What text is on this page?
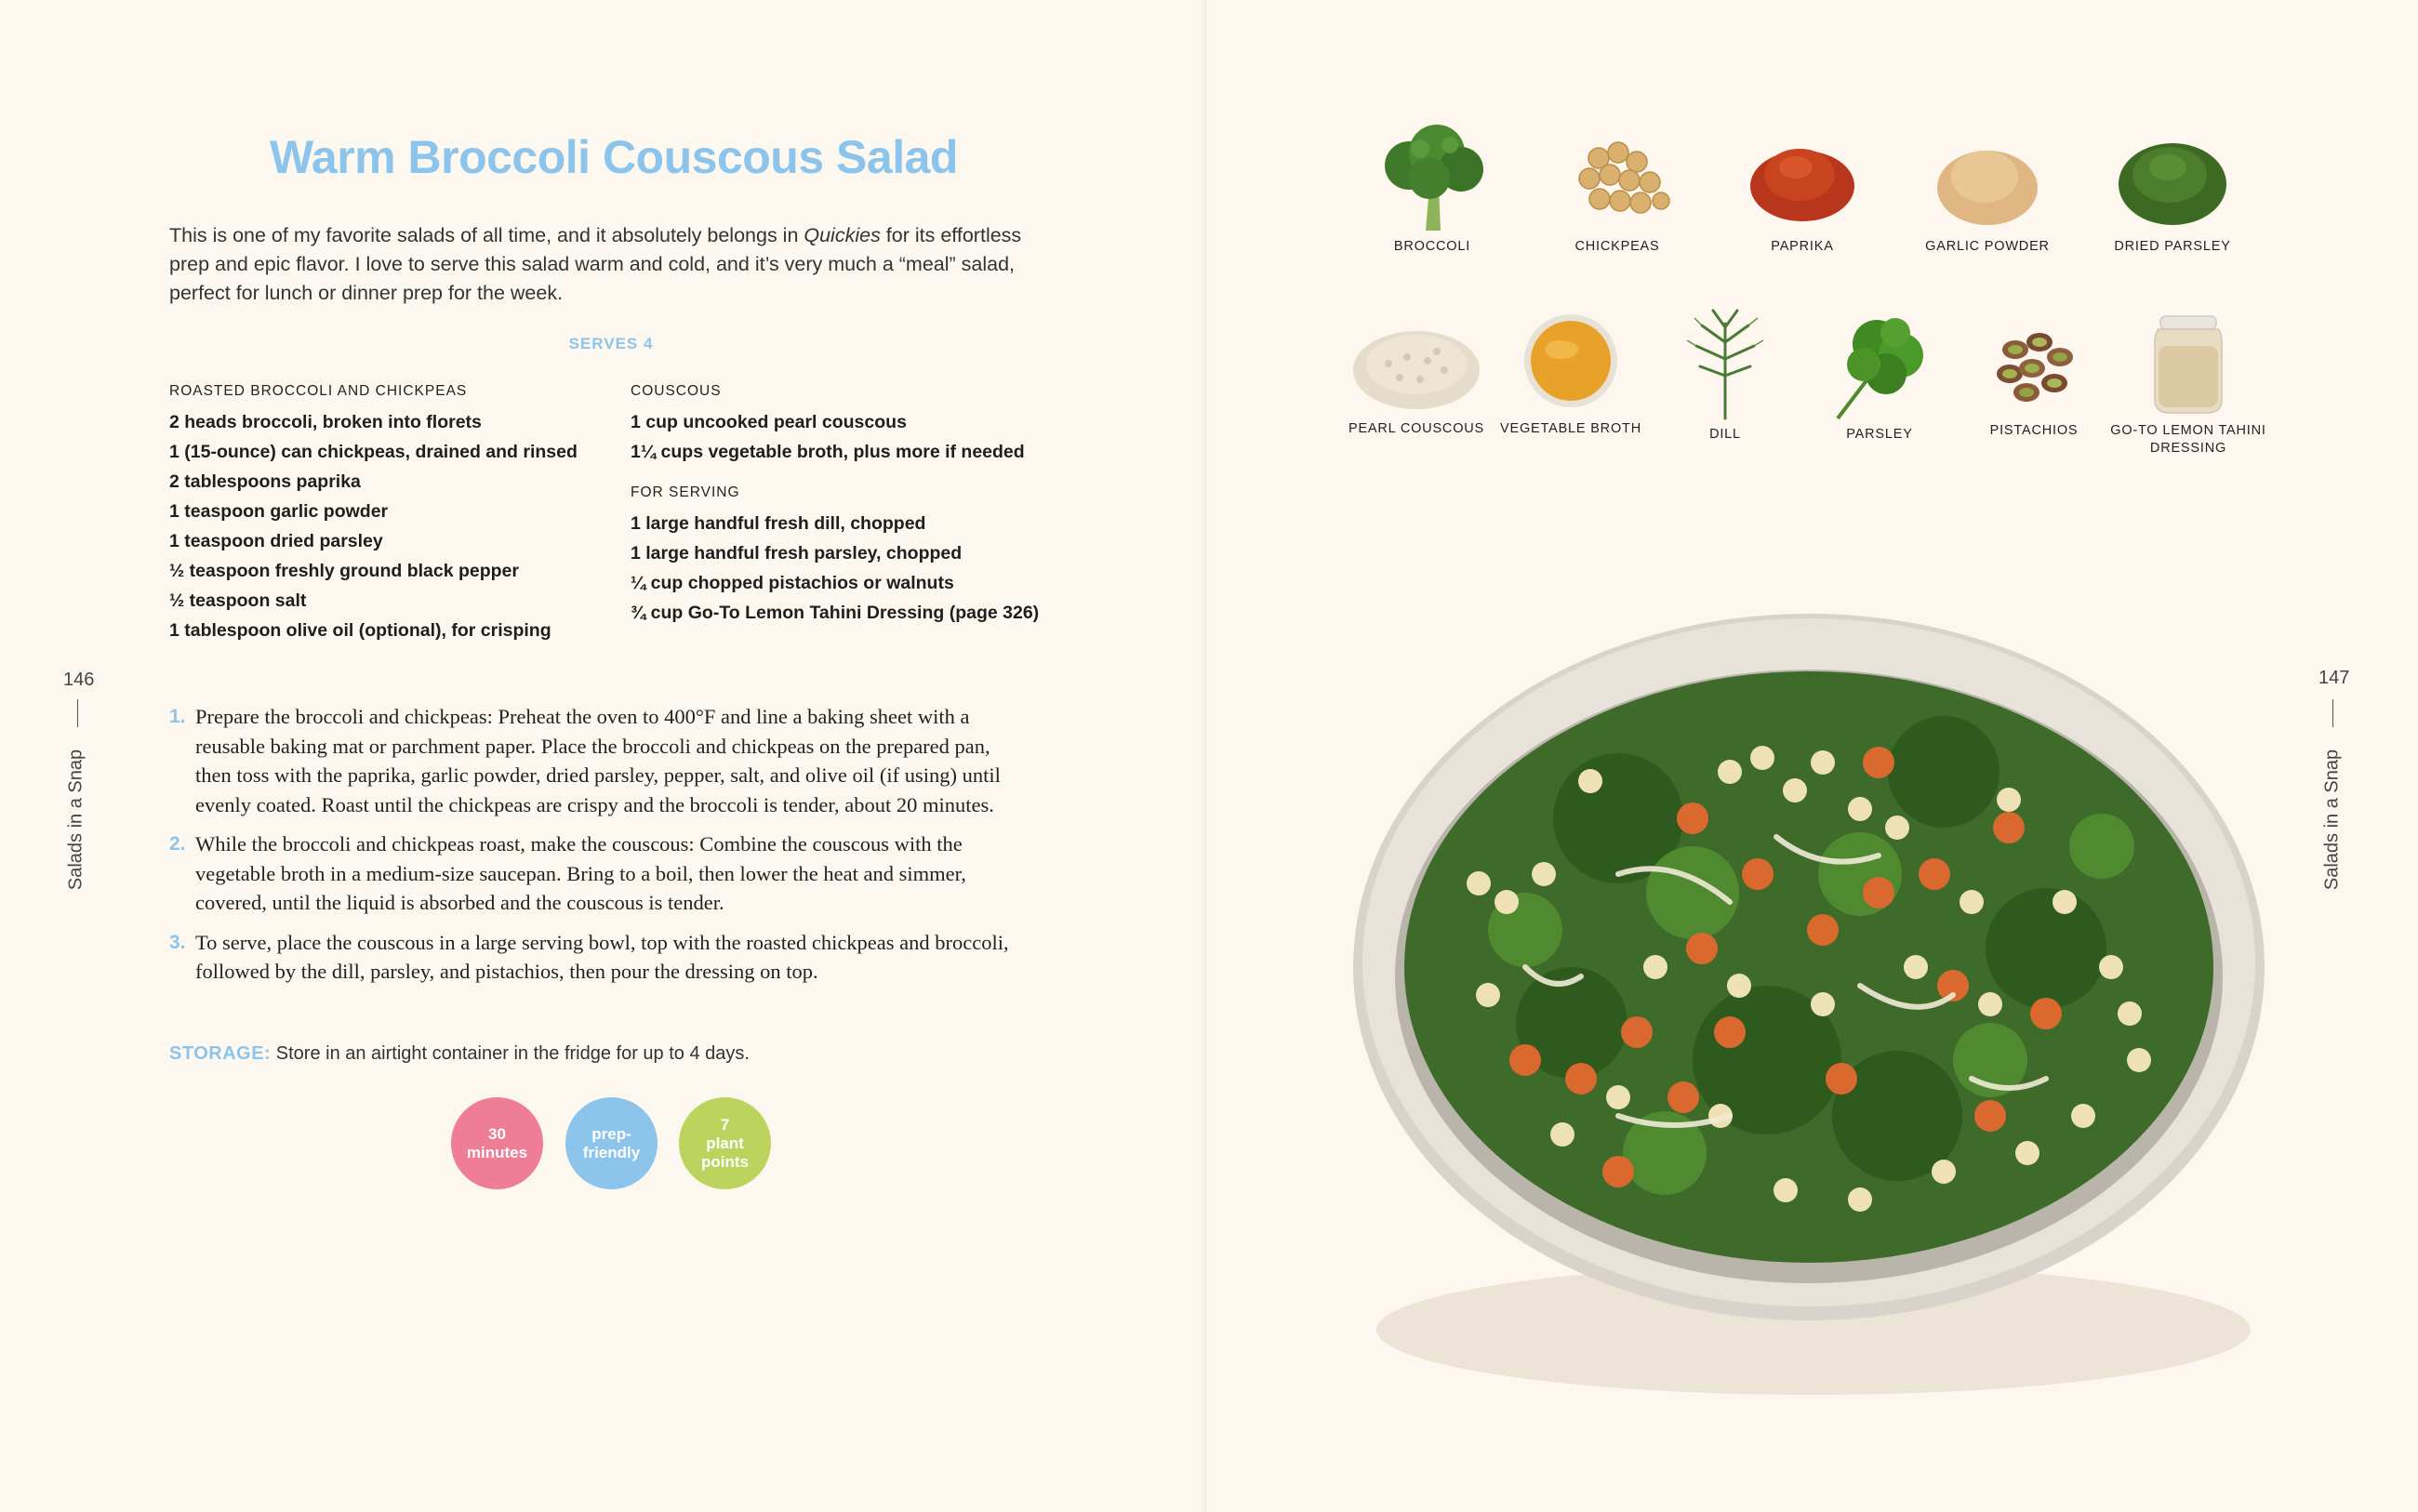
Warm Broccoli Couscous Salad
This is one of my favorite salads of all time, and it absolutely belongs in Quickies for its effortless prep and epic flavor. I love to serve this salad warm and cold, and it’s very much a “meal” salad, perfect for lunch or dinner prep for the week.
SERVES 4
ROASTED BROCCOLI AND CHICKPEAS
2 heads broccoli, broken into florets
1 (15-ounce) can chickpeas, drained and rinsed
2 tablespoons paprika
1 teaspoon garlic powder
1 teaspoon dried parsley
½ teaspoon freshly ground black pepper
½ teaspoon salt
1 tablespoon olive oil (optional), for crisping
COUSCOUS
1 cup uncooked pearl couscous
1¼ cups vegetable broth, plus more if needed
FOR SERVING
1 large handful fresh dill, chopped
1 large handful fresh parsley, chopped
¼ cup chopped pistachios or walnuts
¾ cup Go-To Lemon Tahini Dressing (page 326)
1. Prepare the broccoli and chickpeas: Preheat the oven to 400°F and line a baking sheet with a reusable baking mat or parchment paper. Place the broccoli and chickpeas on the prepared pan, then toss with the paprika, garlic powder, dried parsley, pepper, salt, and olive oil (if using) until evenly coated. Roast until the chickpeas are crispy and the broccoli is tender, about 20 minutes.
2. While the broccoli and chickpeas roast, make the couscous: Combine the couscous with the vegetable broth in a medium-size saucepan. Bring to a boil, then lower the heat and simmer, covered, until the liquid is absorbed and the couscous is tender.
3. To serve, place the couscous in a large serving bowl, top with the roasted chickpeas and broccoli, followed by the dill, parsley, and pistachios, then pour the dressing on top.
STORAGE: Store in an airtight container in the fridge for up to 4 days.
30
minutes
prep-
friendly
7
plant
points
146
Salads in a Snap
BROCCOLI	CHICKPEAS	PAPRIKA	GARLIC POWDER	DRIED PARSLEY
PEARL COUSCOUS	VEGETABLE BROTH	DILL	PARSLEY	PISTACHIOS	GO-TO LEMON TAHINI DRESSING
147
Salads in a Snap
